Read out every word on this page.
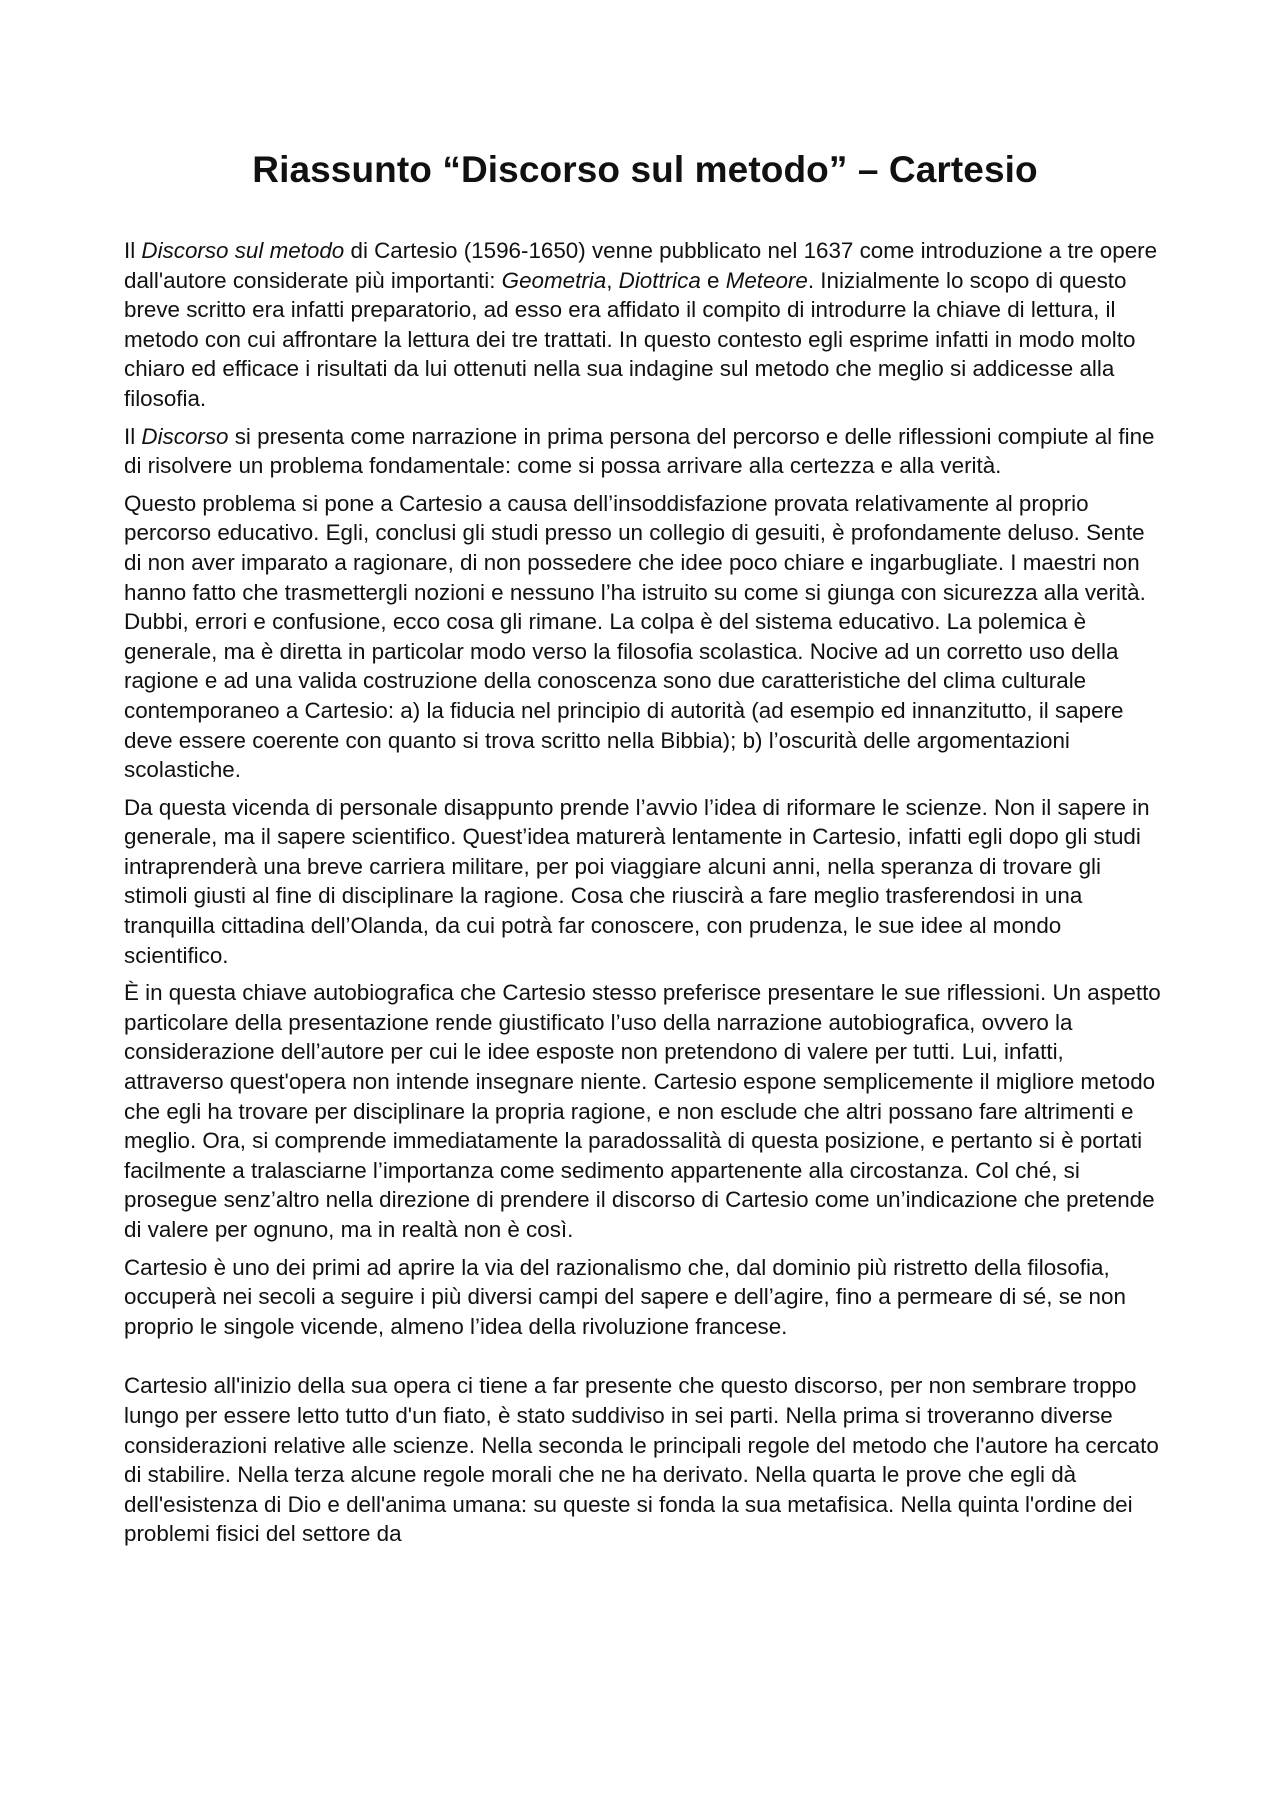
Riassunto “Discorso sul metodo” – Cartesio

Il Discorso sul metodo di Cartesio (1596-1650) venne pubblicato nel 1637 come introduzione a tre opere dall'autore considerate più importanti: Geometria, Diottrica e Meteore. Inizialmente lo scopo di questo breve scritto era infatti preparatorio, ad esso era affidato il compito di introdurre la chiave di lettura, il metodo con cui affrontare la lettura dei tre trattati. In questo contesto egli esprime infatti in modo molto chiaro ed efficace i risultati da lui ottenuti nella sua indagine sul metodo che meglio si addicesse alla filosofia.

Il Discorso si presenta come narrazione in prima persona del percorso e delle riflessioni compiute al fine di risolvere un problema fondamentale: come si possa arrivare alla certezza e alla verità.

Questo problema si pone a Cartesio a causa dell’insoddisfazione provata relativamente al proprio percorso educativo. Egli, conclusi gli studi presso un collegio di gesuiti, è profondamente deluso. Sente di non aver imparato a ragionare, di non possedere che idee poco chiare e ingarbugliate. I maestri non hanno fatto che trasmettergli nozioni e nessuno l’ha istruito su come si giunga con sicurezza alla verità. Dubbi, errori e confusione, ecco cosa gli rimane. La colpa è del sistema educativo. La polemica è generale, ma è diretta in particolar modo verso la filosofia scolastica. Nocive ad un corretto uso della ragione e ad una valida costruzione della conoscenza sono due caratteristiche del clima culturale contemporaneo a Cartesio: a) la fiducia nel principio di autorità (ad esempio ed innanzitutto, il sapere deve essere coerente con quanto si trova scritto nella Bibbia); b) l’oscurità delle argomentazioni scolastiche.

Da questa vicenda di personale disappunto prende l’avvio l’idea di riformare le scienze. Non il sapere in generale, ma il sapere scientifico. Quest’idea maturerà lentamente in Cartesio, infatti egli dopo gli studi intraprenderà una breve carriera militare, per poi viaggiare alcuni anni, nella speranza di trovare gli stimoli giusti al fine di disciplinare la ragione. Cosa che riuscirà a fare meglio trasferendosi in una tranquilla cittadina dell’Olanda, da cui potrà far conoscere, con prudenza, le sue idee al mondo scientifico.

È in questa chiave autobiografica che Cartesio stesso preferisce presentare le sue riflessioni. Un aspetto particolare della presentazione rende giustificato l’uso della narrazione autobiografica, ovvero la considerazione dell’autore per cui le idee esposte non pretendono di valere per tutti. Lui, infatti, attraverso quest'opera non intende insegnare niente. Cartesio espone semplicemente il migliore metodo che egli ha trovare per disciplinare la propria ragione, e non esclude che altri possano fare altrimenti e meglio. Ora, si comprende immediatamente la paradossalità di questa posizione, e pertanto si è portati facilmente a tralasciarne l’importanza come sedimento appartenente alla circostanza. Col ché, si prosegue senz’altro nella direzione di prendere il discorso di Cartesio come un’indicazione che pretende di valere per ognuno, ma in realtà non è così.

Cartesio è uno dei primi ad aprire la via del razionalismo che, dal dominio più ristretto della filosofia, occuperà nei secoli a seguire i più diversi campi del sapere e dell’agire, fino a permeare di sé, se non proprio le singole vicende, almeno l’idea della rivoluzione francese.

Cartesio all'inizio della sua opera ci tiene a far presente che questo discorso, per non sembrare troppo lungo per essere letto tutto d'un fiato, è stato suddiviso in sei parti. Nella prima si troveranno diverse considerazioni relative alle scienze. Nella seconda le principali regole del metodo che l'autore ha cercato di stabilire. Nella terza alcune regole morali che ne ha derivato. Nella quarta le prove che egli dà dell'esistenza di Dio e dell'anima umana: su queste si fonda la sua metafisica. Nella quinta l'ordine dei problemi fisici del settore da
